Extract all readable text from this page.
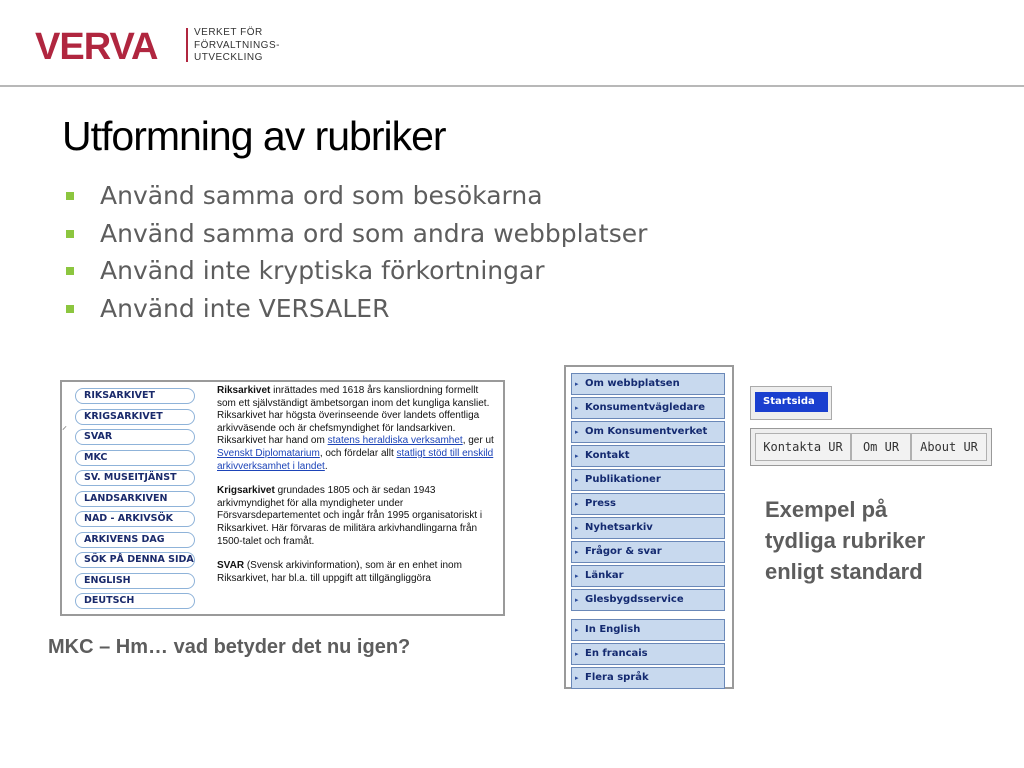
VERVA	VERKET FÖR
FÖRVALTNINGS-
UTVECKLING
Utformning av rubriker
Använd samma ord som besökarna
Använd samma ord som andra webbplatser
Använd inte kryptiska förkortningar
Använd inte VERSALER
⸝
RIKSARKIVET
KRIGSARKIVET
SVAR
MKC
SV. MUSEITJÄNST
LANDSARKIVEN
NAD - ARKIVSÖK
ARKIVENS DAG
SÖK PÅ DENNA SIDA
ENGLISH
DEUTSCH

Riksarkivet inrättades med 1618 års kansliordning formellt som ett självständigt ämbetsorgan inom det kungliga kansliet. Riksarkivet har högsta överinseende över landets offentliga arkivväsende och är chefsmyndighet för landsarkiven. Riksarkivet har hand om statens heraldiska verksamhet, ger ut Svenskt Diplomatarium, och fördelar allt statligt stöd till enskild arkivverksamhet i landet.

Krigsarkivet grundades 1805 och är sedan 1943 arkivmyndighet för alla myndigheter under Försvarsdepartementet och ingår från 1995 organisatoriskt i Riksarkivet. Här förvaras de militära arkivhandlingarna från 1500-talet och framåt.

SVAR (Svensk arkivinformation), som är en enhet inom Riksarkivet, har bl.a. till uppgift att tillgängliggöra

MKC – Hm… vad betyder det nu igen?
▸ Om webbplatsen
▸ Konsumentvägledare
▸ Om Konsumentverket
▸ Kontakt
▸ Publikationer
▸ Press
▸ Nyhetsarkiv
▸ Frågor & svar
▸ Länkar
▸ Glesbygdsservice
▸ In English
▸ En francais
▸ Flera språk
Startsida
Kontakta UR	Om UR	About UR
Exempel på
tydliga rubriker
enligt standard
